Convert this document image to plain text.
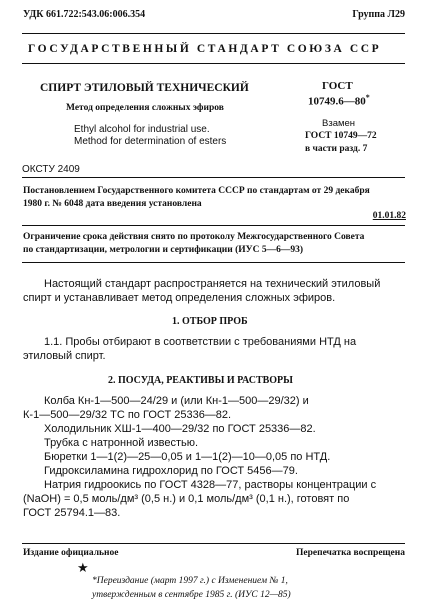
УДК 661.722:543.06:006.354	Группа Л29
ГОСУДАРСТВЕННЫЙ СТАНДАРТ СОЮЗА ССР
СПИРТ ЭТИЛОВЫЙ ТЕХНИЧЕСКИЙ
Метод определения сложных эфиров
Ethyl alcohol for industrial use.
Method for determination of esters
ОКСТУ 2409
ГОСТ
10749.6—80*
Взамен
ГОСТ 10749—72
в части разд. 7
Постановлением Государственного комитета СССР по стандартам от 29 декабря
1980 г. № 6048 дата введения установлена
01.01.82
Ограничение срока действия снято по протоколу Межгосударственного Совета
по стандартизации, метрологии и сертификации (ИУС 5—6—93)
Настоящий стандарт распространяется на технический этиловый
спирт и устанавливает метод определения сложных эфиров.
1. ОТБОР ПРОБ
1.1. Пробы отбирают в соответствии с требованиями НТД на
этиловый спирт.
2. ПОСУДА, РЕАКТИВЫ И РАСТВОРЫ
Колба Кн-1—500—24/29 и (или Кн-1—500—29/32) и
К-1—500—29/32 ТС по ГОСТ 25336—82.
Холодильник ХШ-1—400—29/32 по ГОСТ 25336—82.
Трубка с натронной известью.
Бюретки 1—1(2)—25—0,05 и 1—1(2)—10—0,05 по НТД.
Гидроксиламина гидрохлорид по ГОСТ 5456—79.
Натрия гидроокись по ГОСТ 4328—77, растворы концентрации с
(NaOH) = 0,5 моль/дм³ (0,5 н.) и 0,1 моль/дм³ (0,1 н.), готовят по
ГОСТ 25794.1—83.
Издание официальное	Перепечатка воспрещена
★
*Переиздание (март 1997 г.) с Изменением № 1,
утвержденным в сентябре 1985 г. (ИУС 12—85)
